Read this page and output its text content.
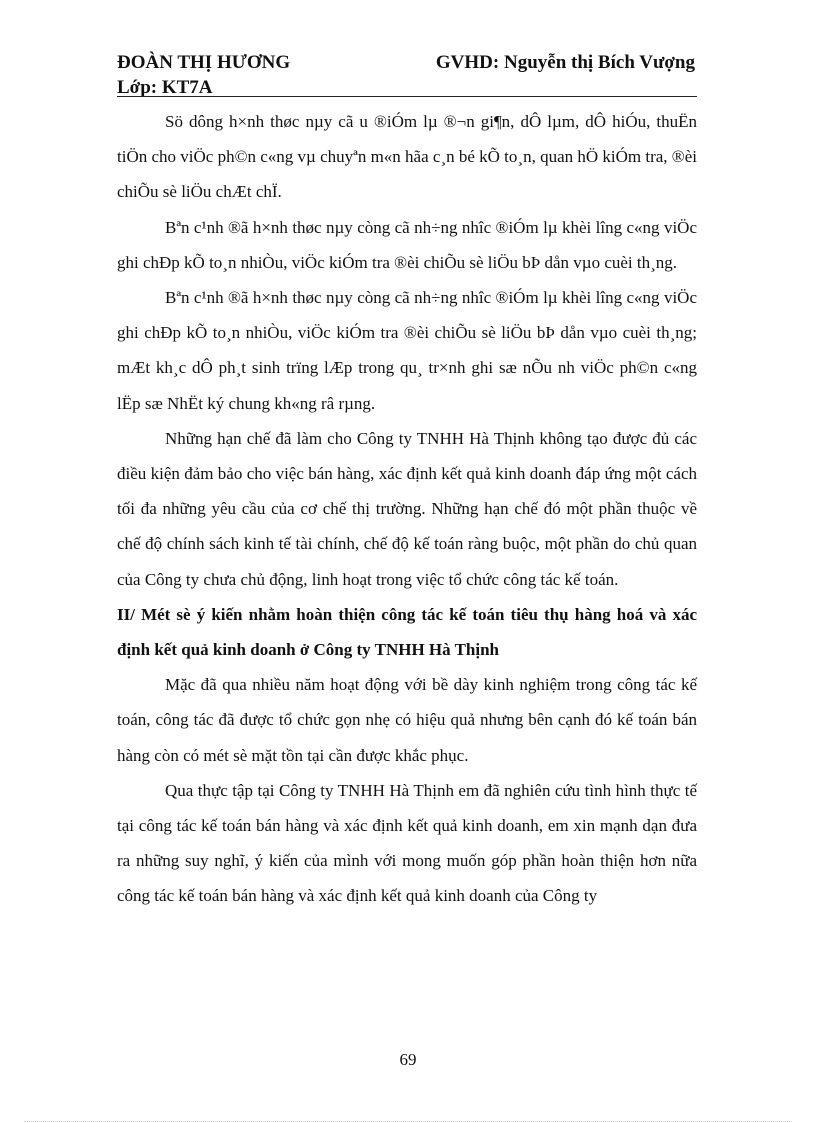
ĐOÀN THỊ HƯƠNG	GVHD: Nguyễn thị Bích Vượng
Lớp: KT7A

Sö dông h×nh thøc nµy cã u ®iÓm lµ ®¬n gi¶n, dÔ lµm, dÔ hiÓu, thuËn tiÖn cho viÖc ph©n c«ng vµ chuyªn m«n hãa c¸n bé kÕ to¸n, quan hÖ kiÓm tra, ®èi chiÕu sè liÖu chÆt chÏ.

Bªn c¹nh ®ã h×nh thøc nµy còng cã nh÷ng nhîc ®iÓm lµ khèi lîng c«ng viÖc ghi chÐp kÕ to¸n nhiÒu, viÖc kiÓm tra ®èi chiÕu sè liÖu bÞ dån vµo cuèi th¸ng.

Bªn c¹nh ®ã h×nh thøc nµy còng cã nh÷ng nhîc ®iÓm lµ khèi lîng c«ng viÖc ghi chÐp kÕ to¸n nhiÒu, viÖc kiÓm tra ®èi chiÕu sè liÖu bÞ dån vµo cuèi th¸ng; mÆt kh¸c dÔ ph¸t sinh trïng lÆp trong qu¸ tr×nh ghi sæ nÕu nh viÖc ph©n c«ng lËp sæ NhËt ký chung kh«ng râ rµng.

Những hạn chế đã làm cho Công ty TNHH Hà Thịnh không tạo được đủ các điều kiện đảm bảo cho việc bán hàng, xác định kết quả kinh doanh đáp ứng một cách tối đa những yêu cầu của cơ chế thị trường. Những hạn chế đó một phần thuộc về chế độ chính sách kinh tế tài chính, chế độ kế toán ràng buộc, một phần do chủ quan của Công ty chưa chủ động, linh hoạt trong việc tổ chức công tác kế toán.

II/ Mét sè ý kiến nhằm hoàn thiện công tác kế toán tiêu thụ hàng hoá và xác định kết quả kinh doanh ở Công ty TNHH Hà Thịnh

Mặc đã qua nhiều năm hoạt động với bề dày kinh nghiệm trong công tác kế toán, công tác đã được tổ chức gọn nhẹ có hiệu quả nhưng bên cạnh đó kế toán bán hàng còn có mét sè mặt tồn tại cần được khắc phục.

Qua thực tập tại Công ty TNHH Hà Thịnh em đã nghiên cứu tình hình thực tế tại công tác kế toán bán hàng và xác định kết quả kinh doanh, em xin mạnh dạn đưa ra những suy nghĩ, ý kiến của mình với mong muốn góp phần hoàn thiện hơn nữa công tác kế toán bán hàng và xác định kết quả kinh doanh của Công ty

69
